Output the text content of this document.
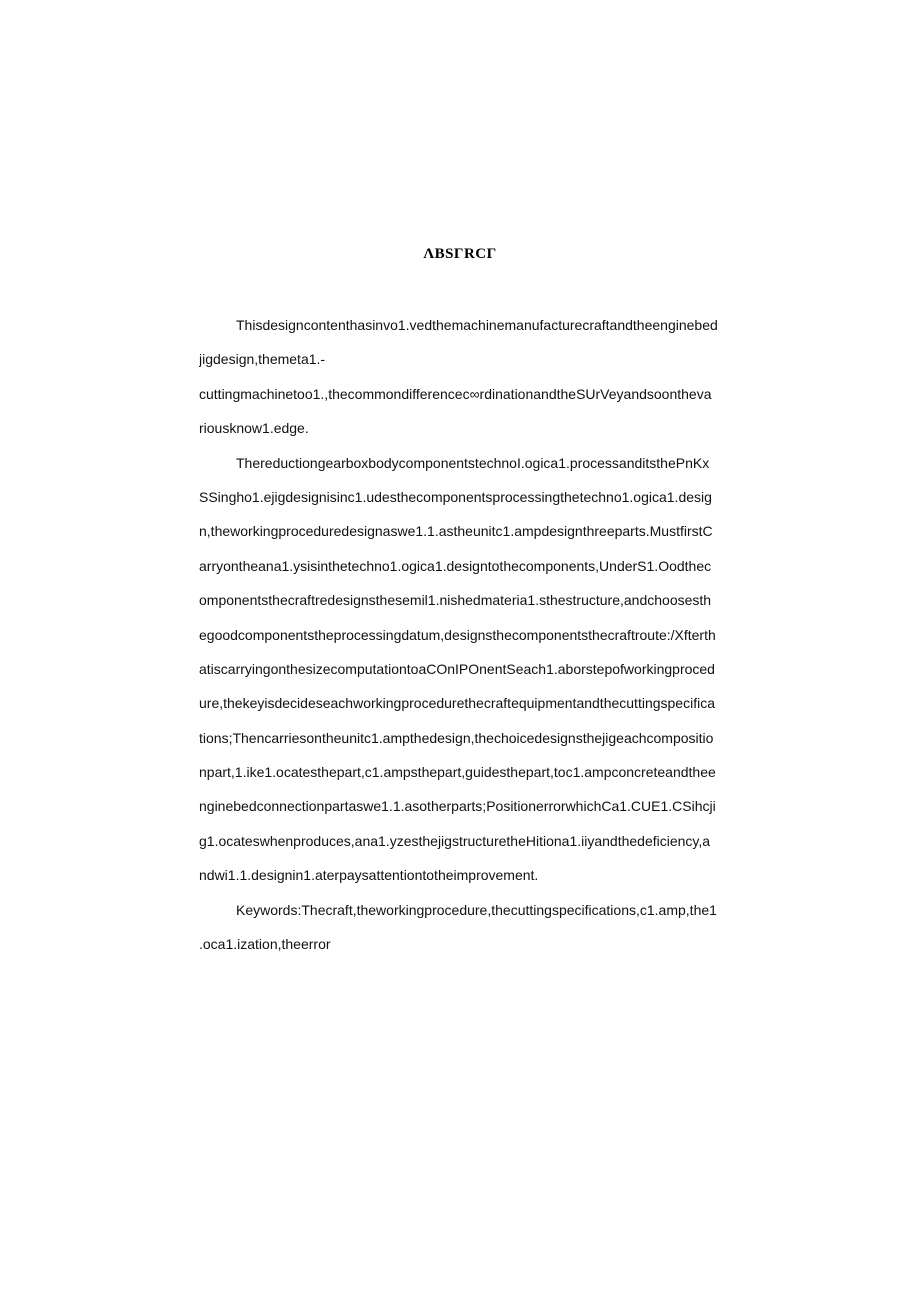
ΛBSΓRCΓ
Thisdesigncontenthasinvo1.vedthemachinemanufacturecraftandtheenginebed
jigdesign,themeta1.-
cuttingmachinetoo1.,thecommondifferencec∞rdinationandtheSUrVeyandsoontheva
riousknow1.edge.
ThereductiongearboxbodycomponentstechnoI.ogica1.processanditsthePnKx
SSingho1.ejigdesignisinc1.udesthecomponentsprocessingthetechno1.ogica1.desig
n,theworkingproceduredesignaswe1.1.astheunitc1.ampdesignthreeparts.MustfirstC
arryontheana1.ysisinthetechno1.ogica1.designtothecomponents,UnderS1.Oodthec
omponentsthecraftredesignsthesemil1.nishedmateria1.sthestructure,andchoosesth
egoodcomponentstheprocessingdatum,designsthecomponentsthecraftroute:/Xfterth
atiscarryingonthesizecomputationtoaCOnIPOnentSeach1.aborstepofworkingproced
ure,thekeyisdecideseachworkingprocedurethecraftequipmentandthecuttingspecifica
tions;Thencarriesontheunitc1.ampthedesign,thechoicedesignsthejigeachcompositio
npart,1.ike1.ocatesthepart,c1.ampsthepart,guidesthepart,toc1.ampconcreteandthee
nginebedconnectionpartaswe1.1.asotherparts;PositionerrorwhichCa1.CUE1.CSihcji
g1.ocateswhenproduces,ana1.yzesthejigstructuretheHitiona1.iiyandthedeficiency,a
ndwi1.1.designin1.aterpaysattentiontotheimprovement.
Keywords:Thecraft,theworkingprocedure,thecuttingspecifications,c1.amp,the1
.oca1.ization,theerror
